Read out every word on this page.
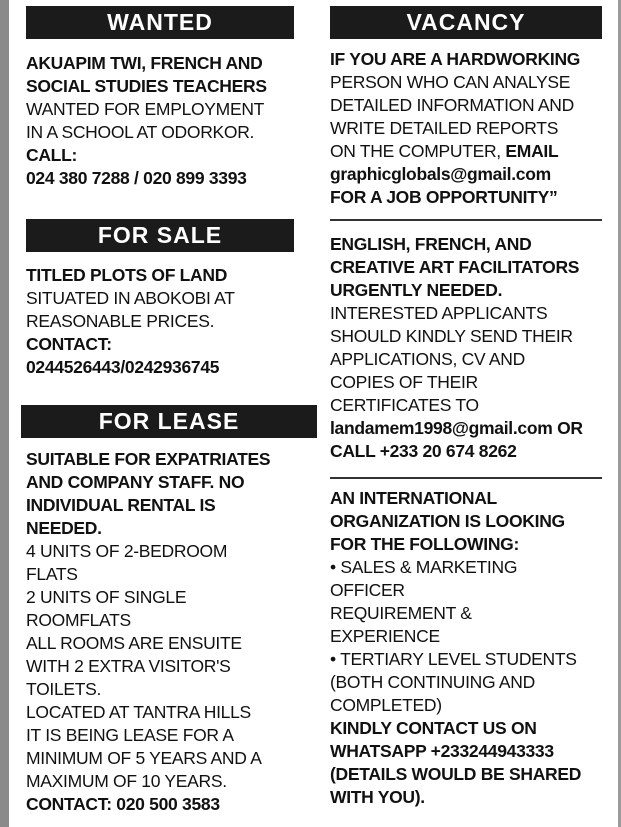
WANTED
AKUAPIM TWI, FRENCH AND
SOCIAL STUDIES TEACHERS
WANTED FOR EMPLOYMENT
IN A SCHOOL AT ODORKOR.
CALL:
024 380 7288 / 020 899 3393
FOR SALE
TITLED PLOTS OF LAND
SITUATED IN ABOKOBI AT
REASONABLE PRICES.
CONTACT:
0244526443/0242936745
FOR LEASE
SUITABLE FOR EXPATRIATES
AND COMPANY STAFF. NO
INDIVIDUAL RENTAL IS
NEEDED.
4 UNITS OF 2-BEDROOM
FLATS
2 UNITS OF SINGLE
ROOMFLATS
ALL ROOMS ARE ENSUITE
WITH 2 EXTRA VISITOR'S
TOILETS.
LOCATED AT TANTRA HILLS
IT IS BEING LEASE FOR A
MINIMUM OF 5 YEARS AND A
MAXIMUM OF 10 YEARS.
CONTACT: 020 500 3583
VACANCY
IF YOU ARE A HARDWORKING
PERSON WHO CAN ANALYSE
DETAILED INFORMATION AND
WRITE DETAILED REPORTS
ON THE COMPUTER, EMAIL
graphicglobals@gmail.com
FOR A JOB OPPORTUNITY”
ENGLISH, FRENCH, AND
CREATIVE ART FACILITATORS
URGENTLY NEEDED.
INTERESTED APPLICANTS
SHOULD KINDLY SEND THEIR
APPLICATIONS, CV AND
COPIES OF THEIR
CERTIFICATES TO
landamem1998@gmail.com OR
CALL +233 20 674 8262
AN INTERNATIONAL
ORGANIZATION IS LOOKING
FOR THE FOLLOWING:
• SALES & MARKETING
OFFICER
REQUIREMENT &
EXPERIENCE
• TERTIARY LEVEL STUDENTS
(BOTH CONTINUING AND
COMPLETED)
KINDLY CONTACT US ON
WHATSAPP +233244943333
(DETAILS WOULD BE SHARED
WITH YOU).
